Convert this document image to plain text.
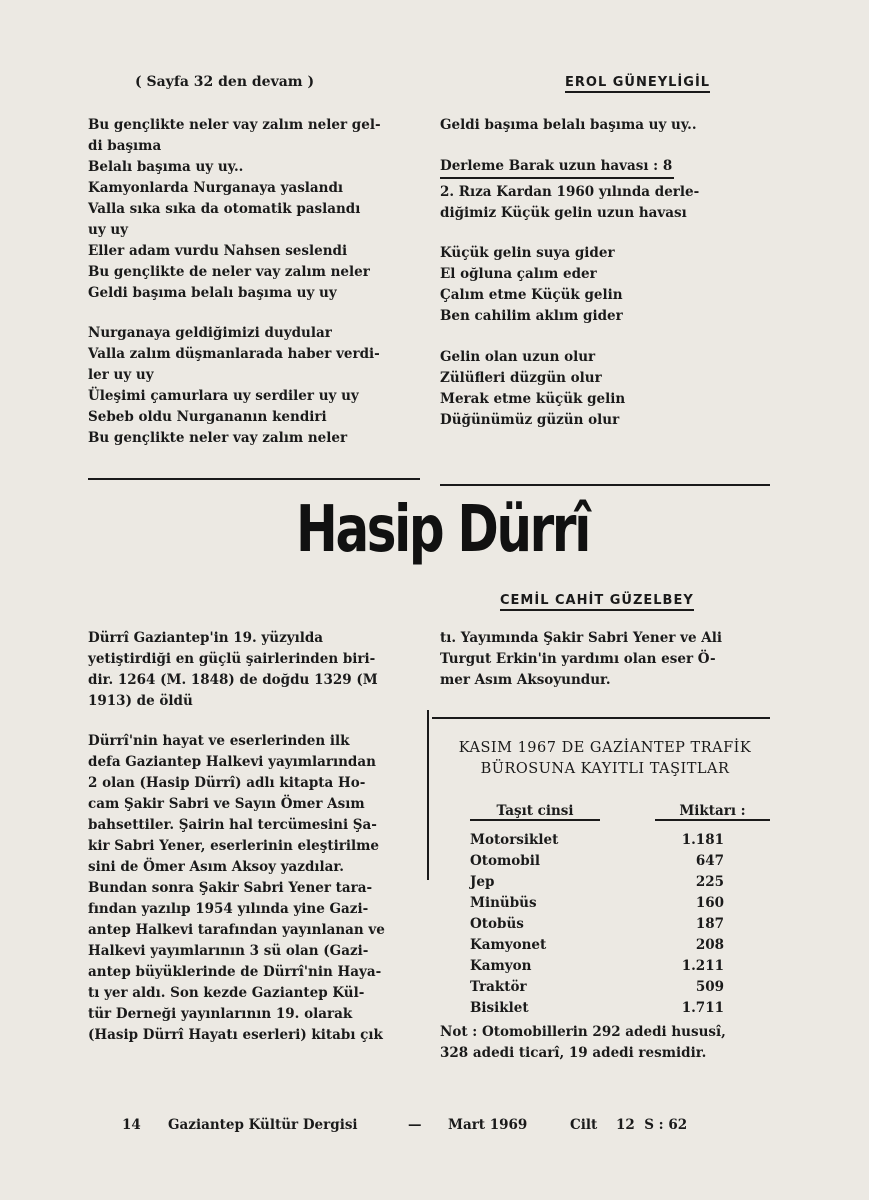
( Sayfa 32 den devam )	EROL GÜNEYLİGİL

Bu gençlikte neler vay zalım neler gel-
di başıma
Belalı başıma uy uy..
Kamyonlarda Nurganaya yaslandı
Valla sıka sıka da otomatik paslandı
uy uy
Eller adam vurdu Nahsen seslendi
Bu gençlikte de neler vay zalım neler
Geldi başıma belalı başıma uy uy

Nurganaya geldiğimizi duydular
Valla zalım düşmanlarada haber verdi-
ler uy uy
Üleşimi çamurlara uy serdiler uy uy
Sebeb oldu Nurgananın kendiri
Bu gençlikte neler vay zalım neler

Geldi başıma belalı başıma uy uy..

Derleme Barak uzun havası : 8

2. Rıza Kardan 1960 yılında derle-
diğimiz Küçük gelin uzun havası

Küçük gelin suya gider
El oğluna çalım eder
Çalım etme Küçük gelin
Ben cahilim aklım gider

Gelin olan uzun olur
Zülüfleri düzgün olur
Merak etme küçük gelin
Düğünümüz güzün olur

Hasip Dürrî
CEMİL CAHİT GÜZELBEY

Dürrî Gaziantep'in 19. yüzyılda
yetiştirdiği en güçlü şairlerinden biri-
dir. 1264 (M. 1848) de doğdu 1329 (M
1913) de öldü

Dürrî'nin hayat ve eserlerinden ilk
defa Gaziantep Halkevi yayımlarından
2 olan (Hasip Dürrî) adlı kitapta Ho-
cam Şakir Sabri ve Sayın Ömer Asım
bahsettiler. Şairin hal tercümesini Şa-
kir Sabri Yener, eserlerinin eleştirilme
sini de Ömer Asım Aksoy yazdılar.
Bundan sonra Şakir Sabri Yener tara-
fından yazılıp 1954 yılında yine Gazi-
antep Halkevi tarafından yayınlanan ve
Halkevi yayımlarının 3 sü olan (Gazi-
antep büyüklerinde de Dürrî'nin Haya-
tı yer aldı. Son kezde Gaziantep Kül-
tür Derneği yayınlarının 19. olarak
(Hasip Dürrî Hayatı eserleri) kitabı çık

tı. Yayımında Şakir Sabri Yener ve Ali
Turgut Erkin'in yardımı olan eser Ö-
mer Asım Aksoyundur.

KASIM 1967 DE GAZİANTEP TRAFİK
BÜROSUNA KAYITLI TAŞITLAR

Taşıt cinsi	Miktarı :
Motorsiklet	1.181
Otomobil	647
Jep	225
Minübüs	160
Otobüs	187
Kamyonet	208
Kamyon	1.211
Traktör	509
Bisiklet	1.711

Not : Otomobillerin 292 adedi hususî,
328 adedi ticarî, 19 adedi resmidir.

14 Gaziantep Kültür Dergisi	— Mart 1969	Cilt    12  S : 62
